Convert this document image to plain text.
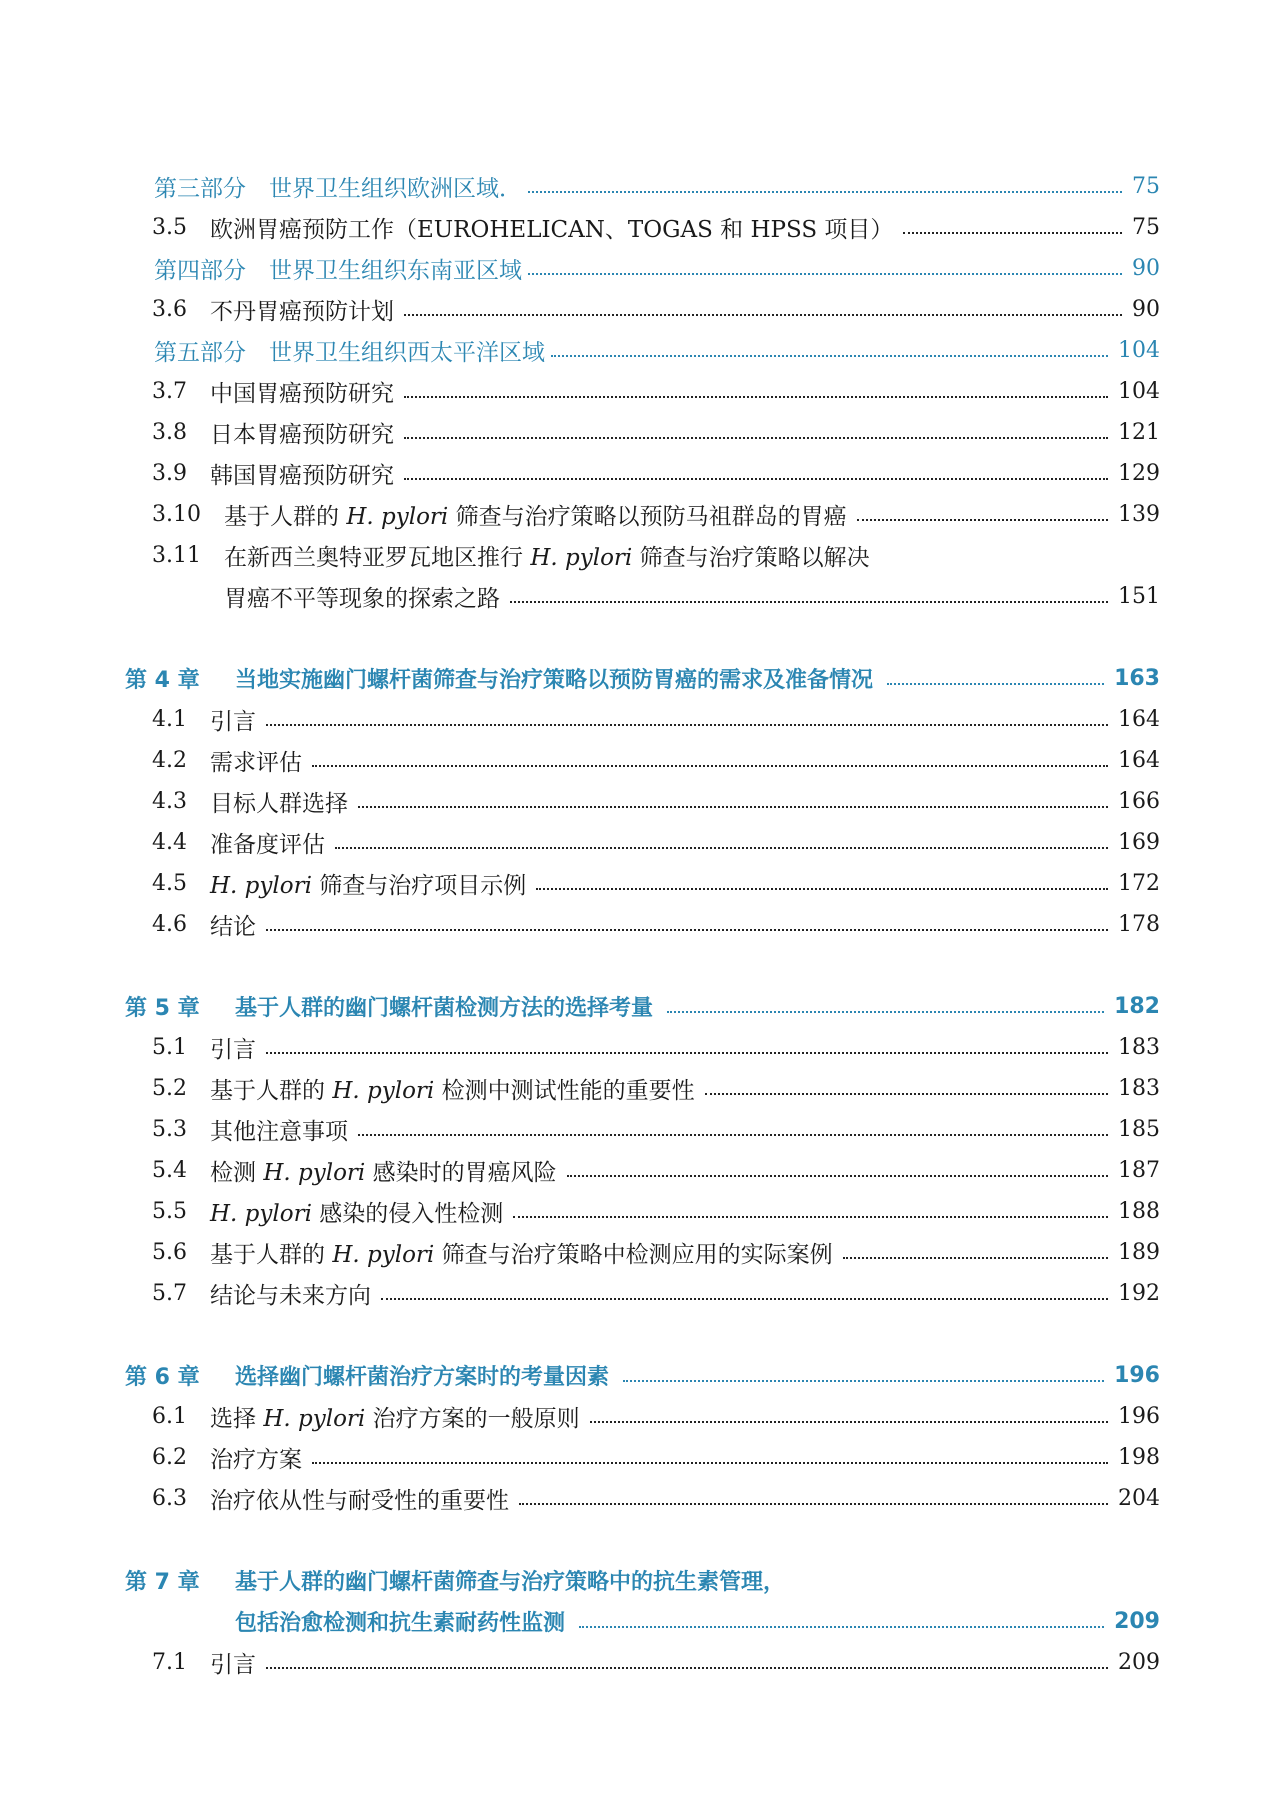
第三部分　世界卫生组织欧洲区域．	75
3.5	欧洲胃癌预防工作（EUROHELICAN、TOGAS 和 HPSS 项目）	75
第四部分　世界卫生组织东南亚区域	90
3.6	不丹胃癌预防计划	90
第五部分　世界卫生组织西太平洋区域	104
3.7	中国胃癌预防研究	104
3.8	日本胃癌预防研究	121
3.9	韩国胃癌预防研究	129
3.10	基于人群的 H. pylori 筛查与治疗策略以预防马祖群岛的胃癌	139
3.11	在新西兰奥特亚罗瓦地区推行 H. pylori 筛查与治疗策略以解决
胃癌不平等现象的探索之路	151
第 4 章	当地实施幽门螺杆菌筛查与治疗策略以预防胃癌的需求及准备情况	163
4.1	引言	164
4.2	需求评估	164
4.3	目标人群选择	166
4.4	准备度评估	169
4.5	H. pylori 筛查与治疗项目示例	172
4.6	结论	178
第 5 章	基于人群的幽门螺杆菌检测方法的选择考量	182
5.1	引言	183
5.2	基于人群的 H. pylori 检测中测试性能的重要性	183
5.3	其他注意事项	185
5.4	检测 H. pylori 感染时的胃癌风险	187
5.5	H. pylori 感染的侵入性检测	188
5.6	基于人群的 H. pylori 筛查与治疗策略中检测应用的实际案例	189
5.7	结论与未来方向	192
第 6 章	选择幽门螺杆菌治疗方案时的考量因素	196
6.1	选择 H. pylori 治疗方案的一般原则	196
6.2	治疗方案	198
6.3	治疗依从性与耐受性的重要性	204
第 7 章	基于人群的幽门螺杆菌筛查与治疗策略中的抗生素管理，
包括治愈检测和抗生素耐药性监测	209
7.1	引言	209
